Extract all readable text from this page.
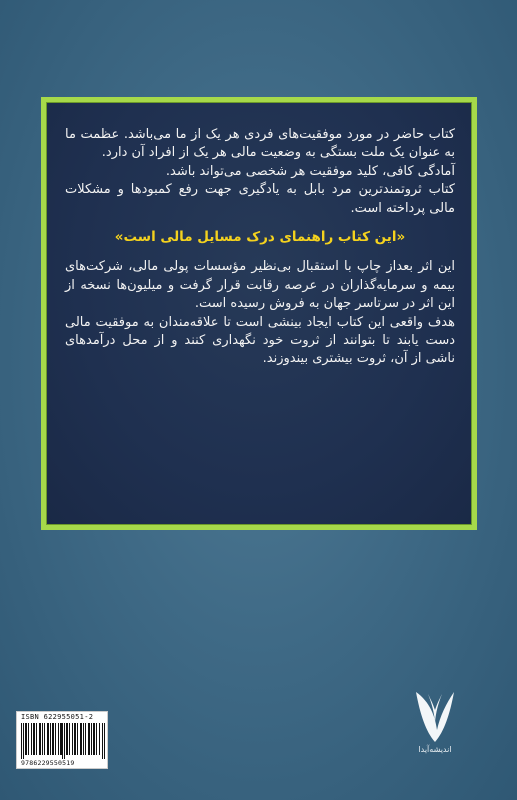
کتاب حاضر در مورد موفقیت‌های فردی هر یک از ما می‌باشد. عظمت ما به عنوان یک ملت بستگی به وضعیت مالی هر یک از افراد آن دارد.

آمادگی کافی، کلید موفقیت هر شخصی می‌تواند باشد.

کتاب ثروتمندترین مرد بابل به یادگیری جهت رفع کمبودها و مشکلات مالی پرداخته است.

«این کتاب راهنمای درک مسایل مالی است»

این اثر بعداز چاپ با استقبال بی‌نظیر مؤسسات پولی مالی، شرکت‌های بیمه و سرمایه‌گذاران در عرصه رقابت قرار گرفت و میلیون‌ها نسخه از این اثر در سرتاسر جهان به فروش رسیده است.

هدف واقعی این کتاب ایجاد بینشی است تا علاقه‌مندان به موفقیت مالی دست یابند تا بتوانند از ثروت خود نگهداری کنند و از محل درآمدهای ناشی از آن، ثروت بیشتری بیندوزند.

ISBN 622955051-2
9786229550519
اندیشه‌آیدا
